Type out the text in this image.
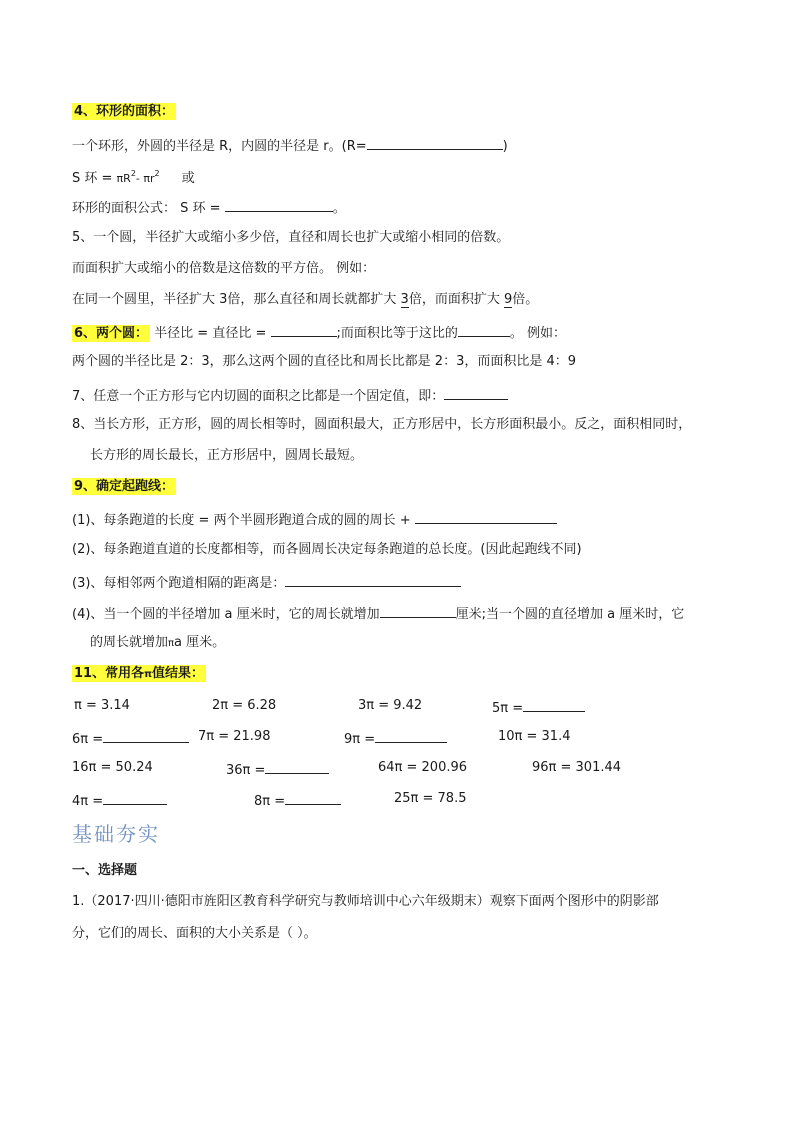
4、环形的面积：
一个环形，外圆的半径是 R，内圆的半径是 r。(R=	)
S 环 = $\pi R^2-$ $\pi r^2$ 或
环形的面积公式： S 环 =	。
5、一个圆，半径扩大或缩小多少倍，直径和周长也扩大或缩小相同的倍数。
而面积扩大或缩小的倍数是这倍数的平方倍。 例如：
在同一个圆里，半径扩大 3倍，那么直径和周长就都扩大 3倍，而面积扩大 9倍。
6、两个圆： 半径比 = 直径比 =	;而面积比等于这比的	。 例如：
两个圆的半径比是 2：3，那么这两个圆的直径比和周长比都是 2：3，而面积比是 4：9
7、任意一个正方形与它内切圆的面积之比都是一个固定值，即：
8、当长方形，正方形，圆的周长相等时，圆面积最大，正方形居中，长方形面积最小。反之，面积相同时，
长方形的周长最长，正方形居中，圆周长最短。
9、确定起跑线：
(1)、每条跑道的长度 = 两个半圆形跑道合成的圆的周长 +
(2)、每条跑道直道的长度都相等，而各圆周长决定每条跑道的总长度。(因此起跑线不同)
(3)、每相邻两个跑道相隔的距离是：
(4)、当一个圆的半径增加 a 厘米时，它的周长就增加	厘米;当一个圆的直径增加 a 厘米时，它
的周长就增加πa 厘米。
11、常用各π值结果：
π = 3.14	2π = 6.28	3π = 9.42	5π =
6π =	7π = 21.98	9π =	10π = 31.4
16π = 50.24	36π =	64π = 200.96	96π = 301.44
4π =	8π =	25π = 78.5
基础夯实
一、选择题
1.（2017·四川·德阳市旌阳区教育科学研究与教师培训中心六年级期末）观察下面两个图形中的阴影部
分，它们的周长、面积的大小关系是（ ）。
